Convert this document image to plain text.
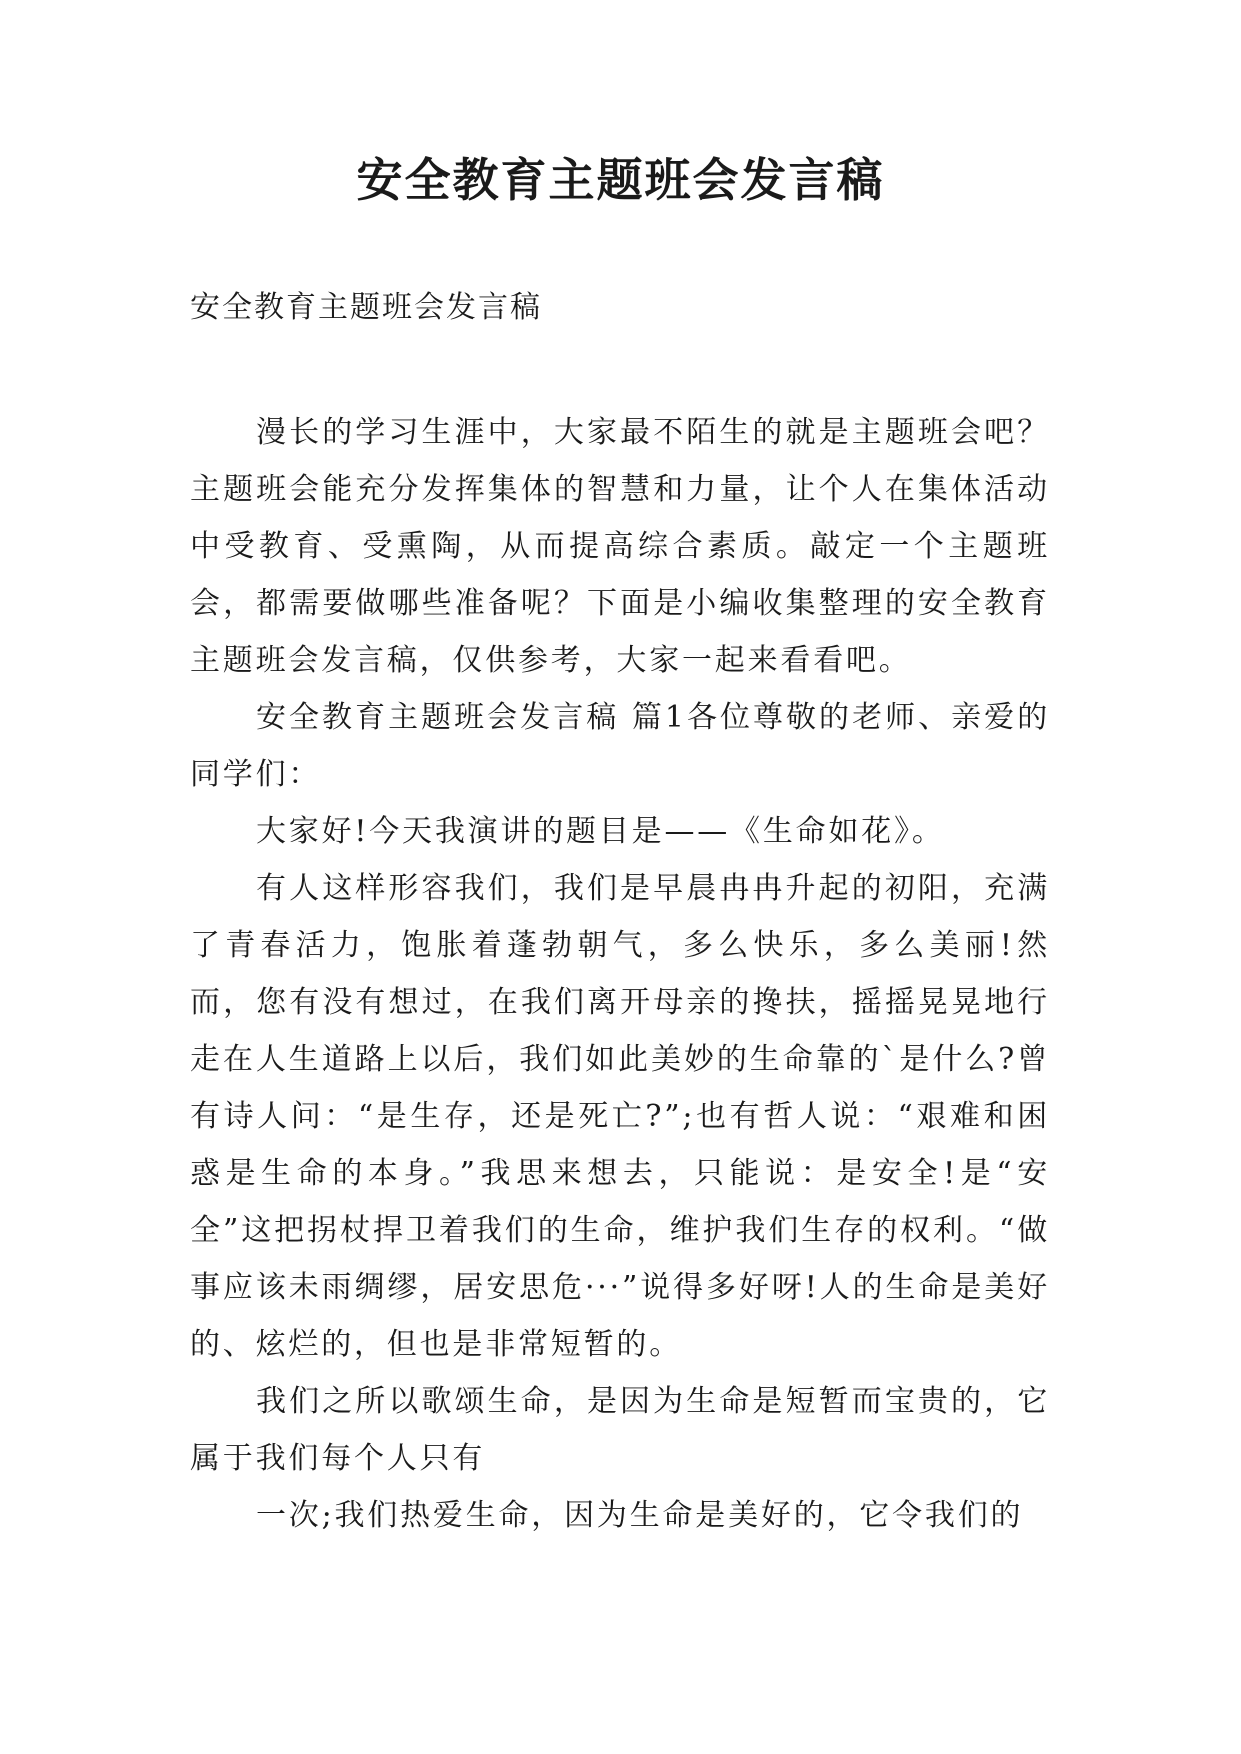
安全教育主题班会发言稿

安全教育主题班会发言稿

漫长的学习生涯中，大家最不陌生的就是主题班会吧？主题班会能充分发挥集体的智慧和力量，让个人在集体活动中受教育、受熏陶，从而提高综合素质。敲定一个主题班会，都需要做哪些准备呢？下面是小编收集整理的安全教育主题班会发言稿，仅供参考，大家一起来看看吧。

安全教育主题班会发言稿 篇1各位尊敬的老师、亲爱的同学们：

大家好!今天我演讲的题目是——《生命如花》。

有人这样形容我们，我们是早晨冉冉升起的初阳，充满了青春活力，饱胀着蓬勃朝气，多么快乐，多么美丽!然而，您有没有想过，在我们离开母亲的搀扶，摇摇晃晃地行走在人生道路上以后，我们如此美妙的生命靠的`是什么?曾有诗人问：“是生存，还是死亡?”;也有哲人说：“艰难和困惑是生命的本身。”我思来想去，只能说：是安全!是“安全”这把拐杖捍卫着我们的生命，维护我们生存的权利。“做事应该未雨绸缪，居安思危···”说得多好呀!人的生命是美好的、炫烂的，但也是非常短暂的。

我们之所以歌颂生命，是因为生命是短暂而宝贵的，它属于我们每个人只有

一次;我们热爱生命，因为生命是美好的，它令我们的
